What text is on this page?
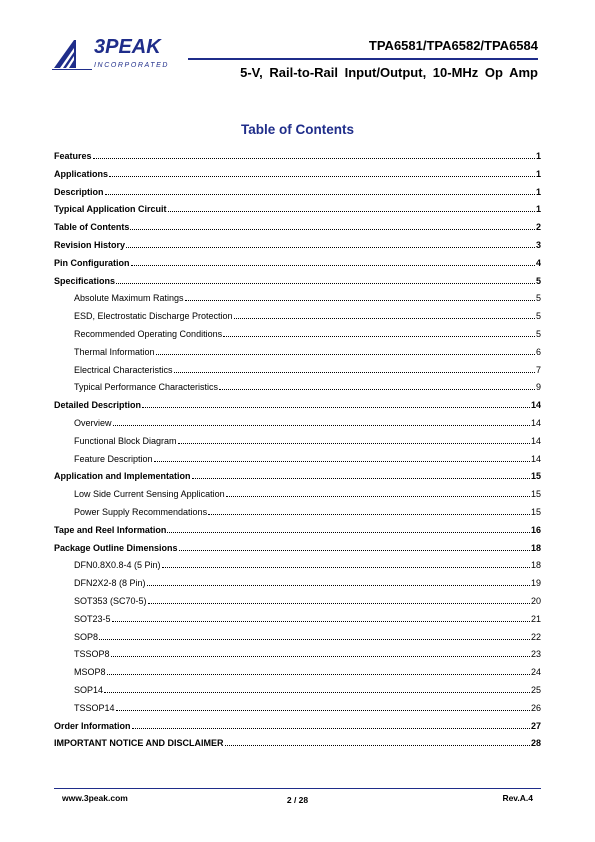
3PEAK
INCORPORATED
TPA6581/TPA6582/TPA6584
5-V, Rail-to-Rail Input/Output, 10-MHz Op Amp
Table of Contents
Features	1
Applications	1
Description	1
Typical Application Circuit	1
Table of Contents	2
Revision History	3
Pin Configuration	4
Specifications	5
Absolute Maximum Ratings	5
ESD, Electrostatic Discharge Protection	5
Recommended Operating Conditions	5
Thermal Information	6
Electrical Characteristics	7
Typical Performance Characteristics	9
Detailed Description	14
Overview	14
Functional Block Diagram	14
Feature Description	14
Application and Implementation	15
Low Side Current Sensing Application	15
Power Supply Recommendations	15
Tape and Reel Information	16
Package Outline Dimensions	18
DFN0.8X0.8-4 (5 Pin)	18
DFN2X2-8 (8 Pin)	19
SOT353 (SC70-5)	20
SOT23-5	21
SOP8	22
TSSOP8	23
MSOP8	24
SOP14	25
TSSOP14	26
Order Information	27
IMPORTANT NOTICE AND DISCLAIMER	28
www.3peak.com	2 / 28	Rev.A.4
